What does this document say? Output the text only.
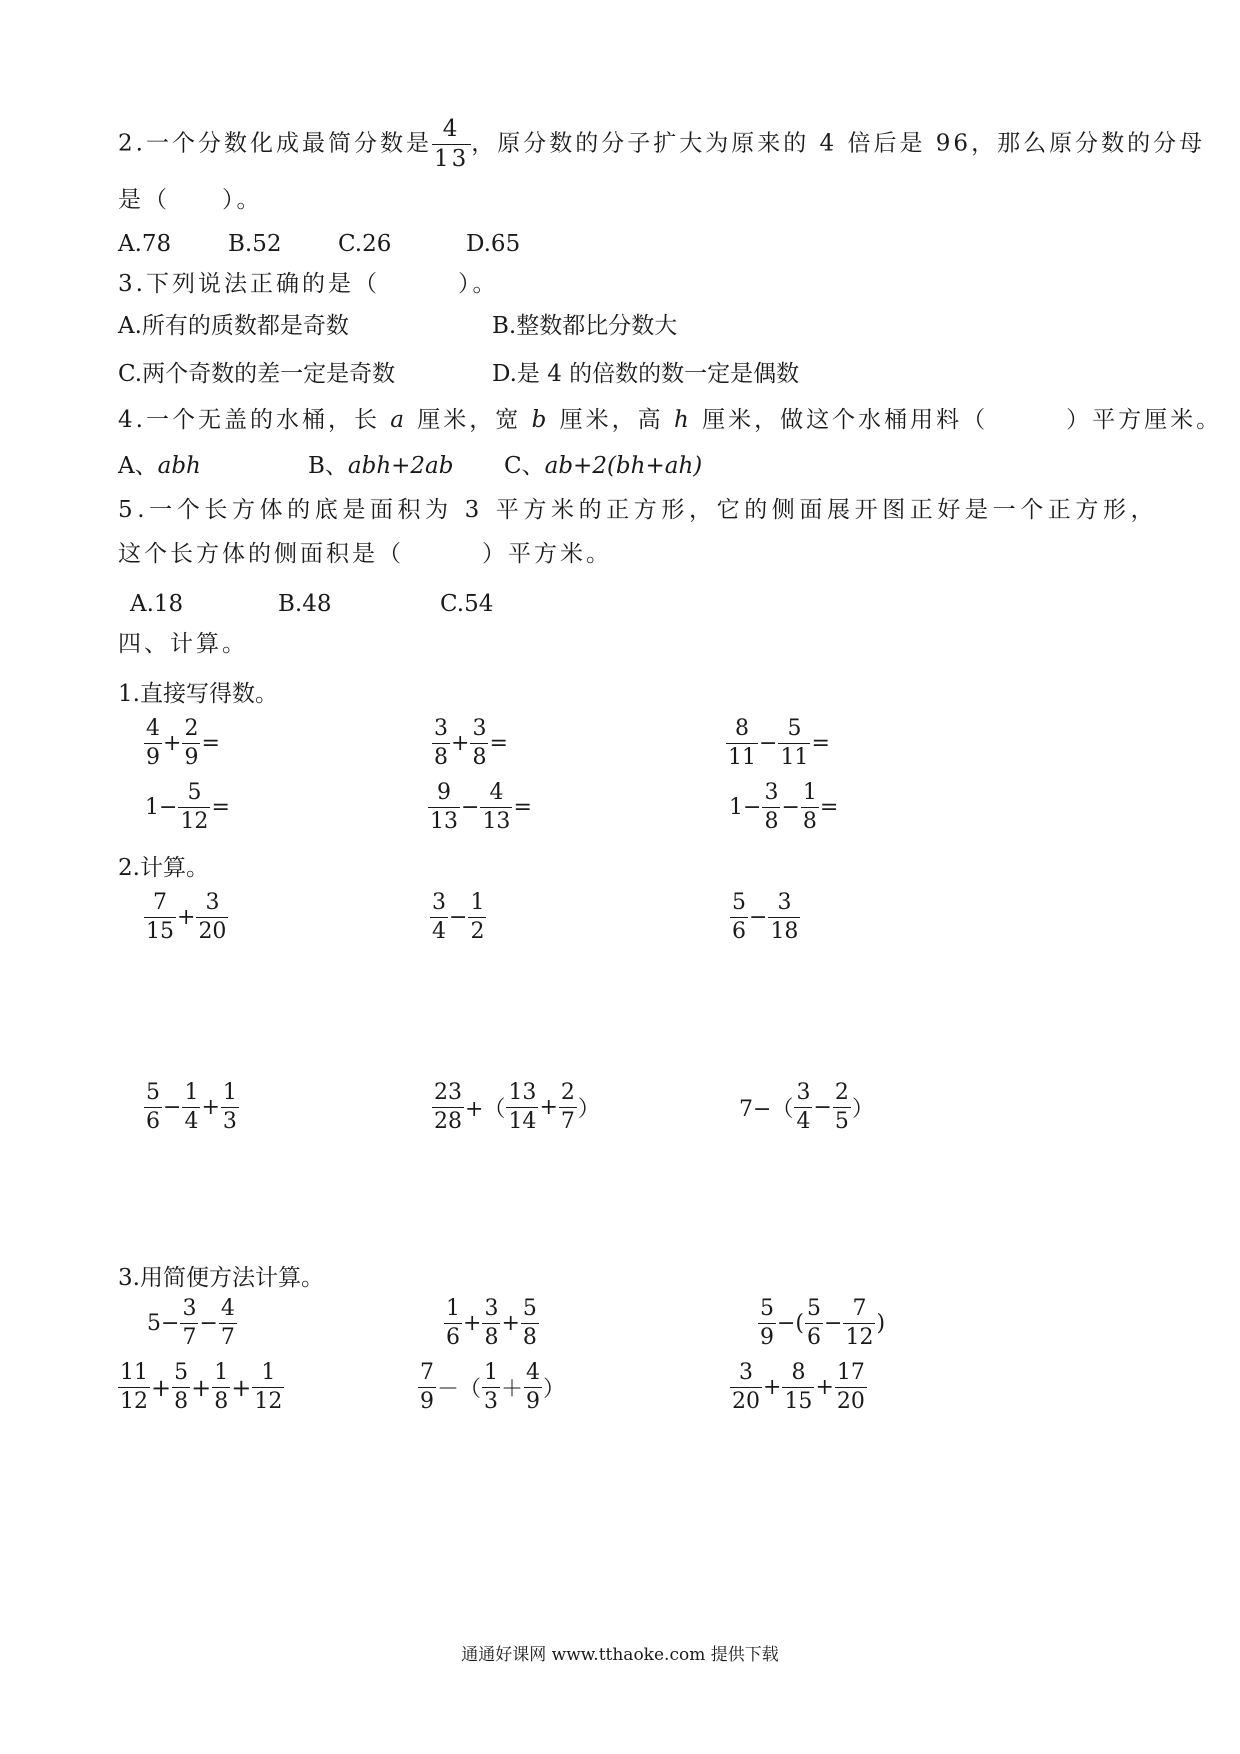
2.一个分数化成最简分数是 $\frac{4}{13}$ ，原分数的分子扩大为原来的 4 倍后是 96，那么原分数的分母
是（　　）。
A.78 B.52 C.26	D.65
3.下列说法正确的是（　　　）。
A.所有的质数都是奇数	B.整数都比分数大
C.两个奇数的差一定是奇数	D.是 4 的倍数的数一定是偶数
4.一个无盖的水桶，长 a 厘米，宽 b 厘米，高 h 厘米，做这个水桶用料（　　　）平方厘米。
A、abh	B、abh+2ab C、ab+2(bh+ah)
5.一个长方体的底是面积为 3 平方米的正方形，它的侧面展开图正好是一个正方形，
这个长方体的侧面积是（　　　）平方米。
A.18	B.48	C.54
四、计算。
1.直接写得数。
$\frac{4}{9} + \frac{2}{9}$ =	$\frac{3}{8} + \frac{3}{8}$ =	$\frac{8}{11} - \frac{5}{11}$ =
$1- \frac{5}{12}$ =	$\frac{9}{13} - \frac{4}{13}$ =	$1- \frac{3}{8} - \frac{1}{8}$ =
2.计算。
$\frac{7}{15} + \frac{3}{20}$	$\frac{3}{4} - \frac{1}{2}$	$\frac{5}{6} - \frac{3}{18}$
$\frac{5}{6} - \frac{1}{4} + \frac{1}{3}$	$\frac{23}{28}$ +（ $\frac{13}{14} + \frac{2}{7}$ ）	$7-( \frac{3}{4} - \frac{2}{5}$ ）
3.用简便方法计算。
$5- \frac{3}{7} - \frac{4}{7}$	$\frac{1}{6} + \frac{3}{8} + \frac{5}{8}$	$\frac{5}{9}$ −( $\frac{5}{6} - \frac{7}{12}$ )
$\frac{11}{12} + \frac{5}{8} + \frac{1}{8} + \frac{1}{12}$	$\frac{7}{9}$ －（ $\frac{1}{3} + \frac{4}{9}$ ）	$\frac{3}{20} + \frac{8}{15} + \frac{17}{20}$
通通好课网 www.tthaoke.com 提供下载
